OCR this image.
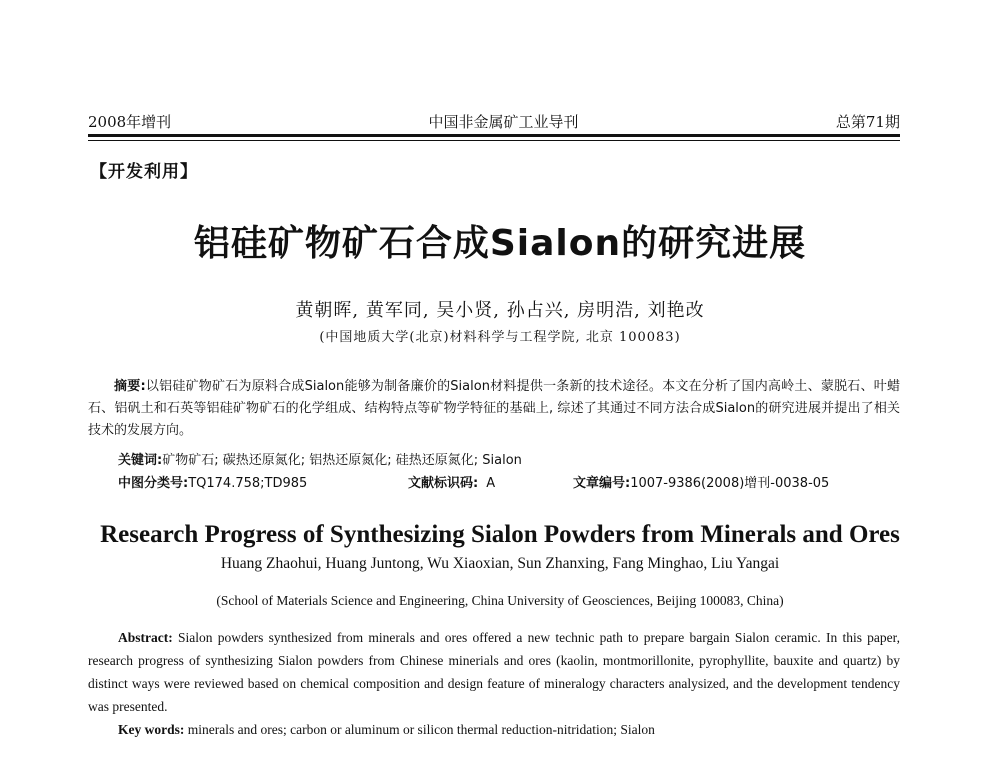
2008年增刊	中国非金属矿工业导刊	总第71期
【开发利用】
铝硅矿物矿石合成Sialon的研究进展
黄朝晖, 黄军同, 吴小贤, 孙占兴, 房明浩, 刘艳改
(中国地质大学(北京)材料科学与工程学院, 北京 100083)

摘要:以铝硅矿物矿石为原料合成Sialon能够为制备廉价的Sialon材料提供一条新的技术途径。本文在分析了国内高岭土、蒙脱石、叶蜡石、铝矾土和石英等铝硅矿物矿石的化学组成、结构特点等矿物学特征的基础上, 综述了其通过不同方法合成Sialon的研究进展并提出了相关技术的发展方向。

关键词:矿物矿石; 碳热还原氮化; 铝热还原氮化; 硅热还原氮化; Sialon
中图分类号:TQ174.758;TD985	文献标识码: A	文章编号:1007-9386(2008)增刊-0038-05
Research Progress of Synthesizing Sialon Powders from Minerals and Ores
Huang Zhaohui, Huang Juntong, Wu Xiaoxian, Sun Zhanxing, Fang Minghao, Liu Yangai
(School of Materials Science and Engineering, China University of Geosciences, Beijing 100083, China)

Abstract: Sialon powders synthesized from minerals and ores offered a new technic path to prepare bargain Sialon ceramic. In this paper, research progress of synthesizing Sialon powders from Chinese minerials and ores (kaolin, montmorillonite, pyrophyllite, bauxite and quartz) by distinct ways were reviewed based on chemical composition and design feature of mineralogy characters analysized, and the development tendency was presented.

Key words: minerals and ores; carbon or aluminum or silicon thermal reduction-nitridation; Sialon
